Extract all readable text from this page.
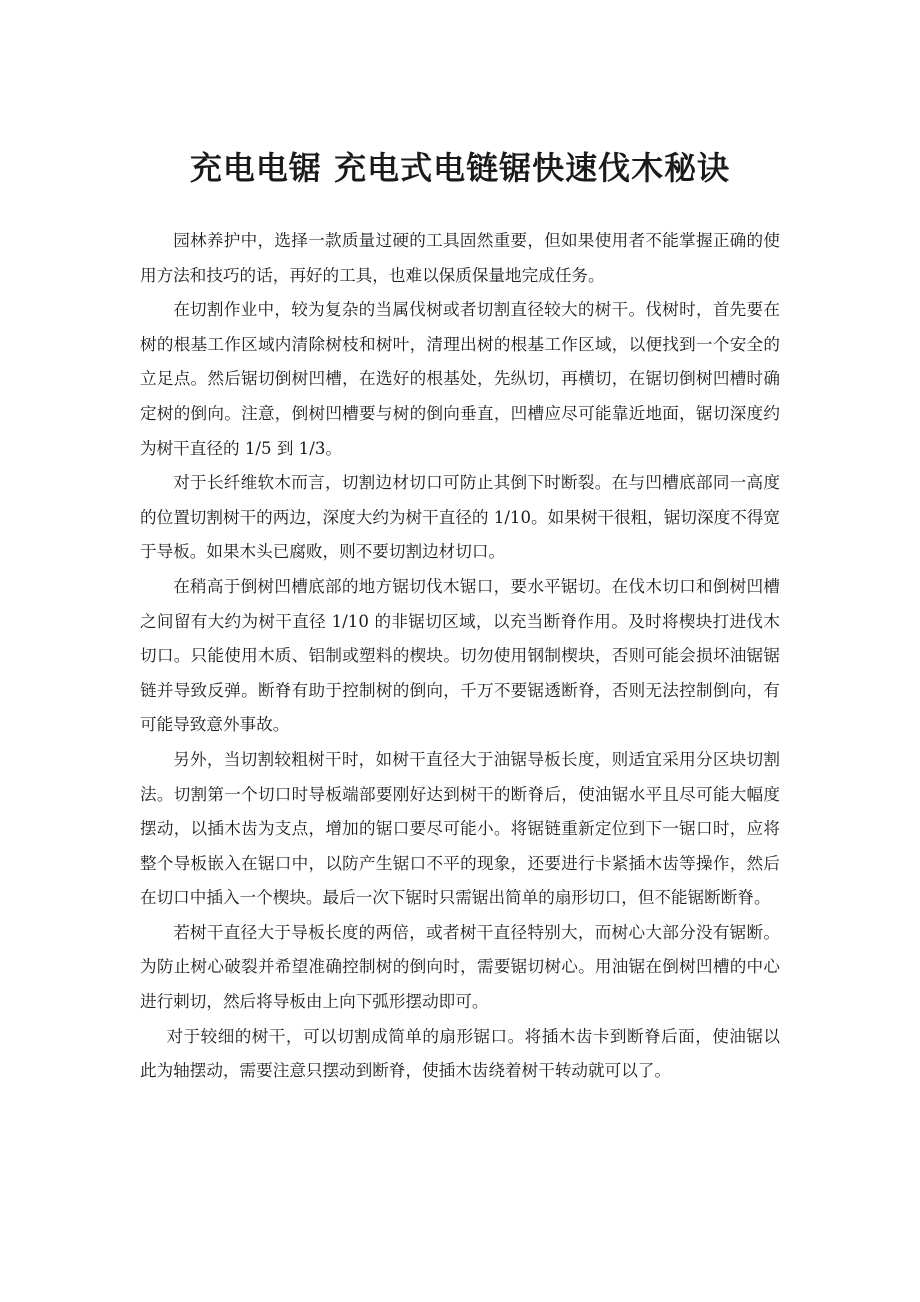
充电电锯 充电式电链锯快速伐木秘诀

园林养护中，选择一款质量过硬的工具固然重要，但如果使用者不能掌握正确的使用方法和技巧的话，再好的工具，也难以保质保量地完成任务。

在切割作业中，较为复杂的当属伐树或者切割直径较大的树干。伐树时，首先要在树的根基工作区域内清除树枝和树叶，清理出树的根基工作区域，以便找到一个安全的立足点。然后锯切倒树凹槽，在选好的根基处，先纵切，再横切，在锯切倒树凹槽时确定树的倒向。注意，倒树凹槽要与树的倒向垂直，凹槽应尽可能靠近地面，锯切深度约为树干直径的 1/5 到 1/3。

对于长纤维软木而言，切割边材切口可防止其倒下时断裂。在与凹槽底部同一高度的位置切割树干的两边，深度大约为树干直径的 1/10。如果树干很粗，锯切深度不得宽于导板。如果木头已腐败，则不要切割边材切口。

在稍高于倒树凹槽底部的地方锯切伐木锯口，要水平锯切。在伐木切口和倒树凹槽之间留有大约为树干直径 1/10 的非锯切区域，以充当断脊作用。及时将楔块打进伐木切口。只能使用木质、铝制或塑料的楔块。切勿使用钢制楔块，否则可能会损坏油锯锯链并导致反弹。断脊有助于控制树的倒向，千万不要锯透断脊，否则无法控制倒向，有可能导致意外事故。

另外，当切割较粗树干时，如树干直径大于油锯导板长度，则适宜采用分区块切割法。切割第一个切口时导板端部要刚好达到树干的断脊后，使油锯水平且尽可能大幅度摆动，以插木齿为支点，增加的锯口要尽可能小。将锯链重新定位到下一锯口时，应将整个导板嵌入在锯口中，以防产生锯口不平的现象，还要进行卡紧插木齿等操作，然后在切口中插入一个楔块。最后一次下锯时只需锯出简单的扇形切口，但不能锯断断脊。

若树干直径大于导板长度的两倍，或者树干直径特别大，而树心大部分没有锯断。为防止树心破裂并希望准确控制树的倒向时，需要锯切树心。用油锯在倒树凹槽的中心进行刺切，然后将导板由上向下弧形摆动即可。

对于较细的树干，可以切割成简单的扇形锯口。将插木齿卡到断脊后面，使油锯以此为轴摆动，需要注意只摆动到断脊，使插木齿绕着树干转动就可以了。
